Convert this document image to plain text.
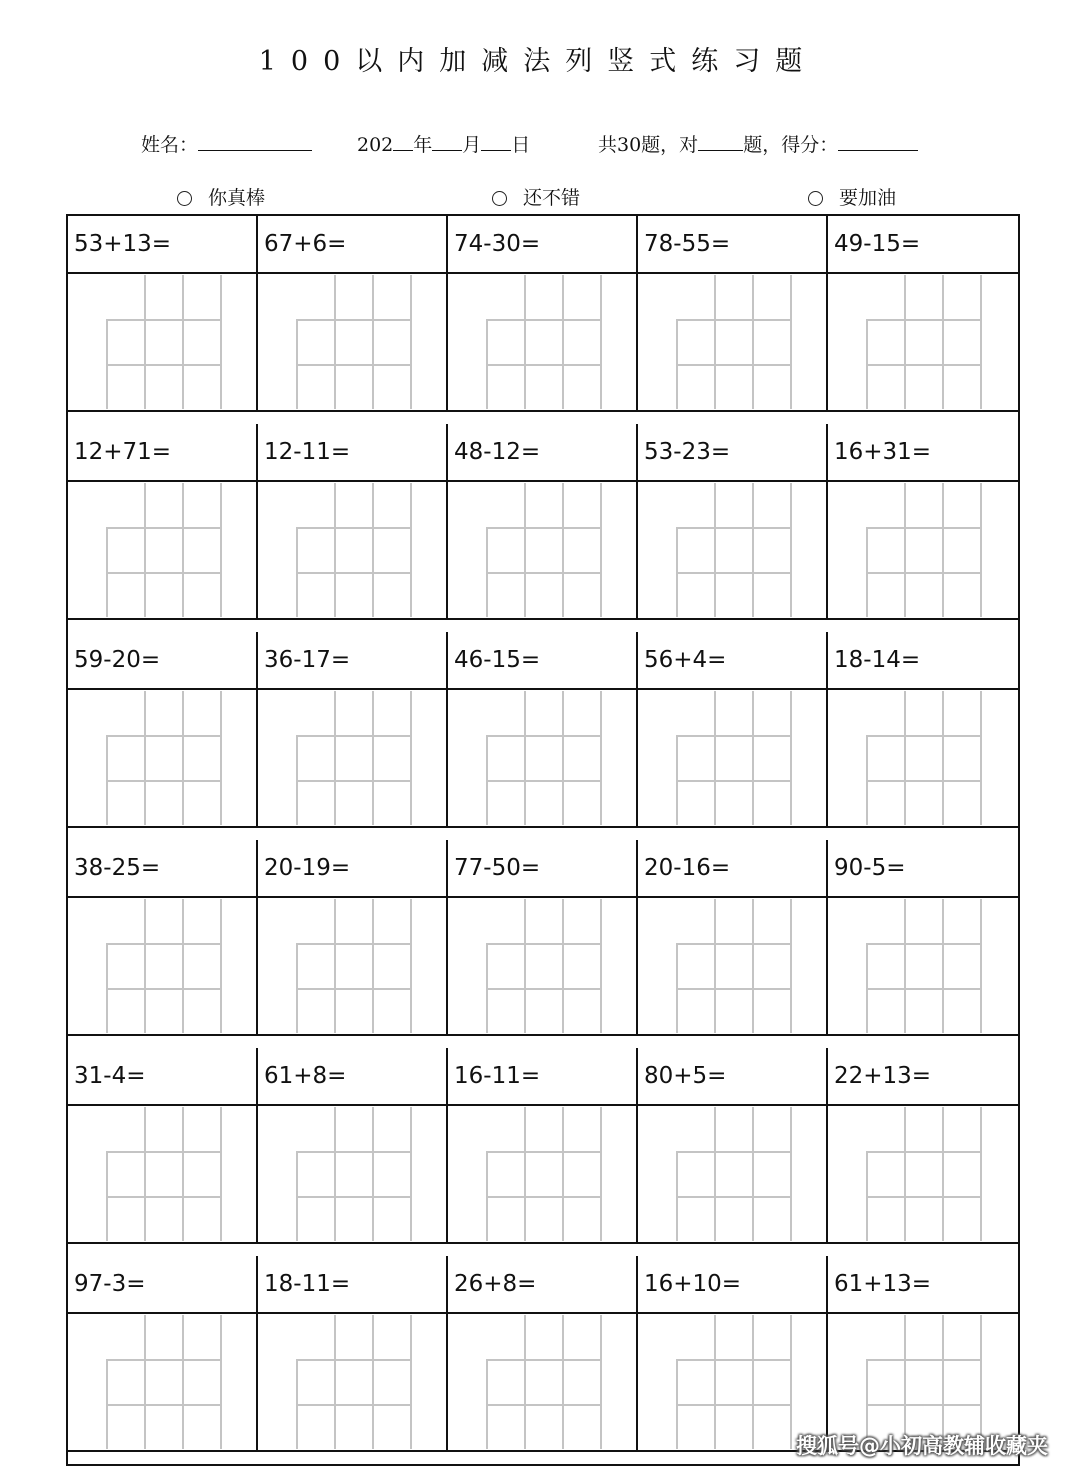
100以内加减法列竖式练习题
姓名：	202 年 月 日	共30题，对 题，得分：
你真棒	还不错	要加油
53+13=	67+6=	74-30=	78-55=	49-15=
12+71=	12-11=	48-12=	53-23=	16+31=
59-20=	36-17=	46-15=	56+4=	18-14=
38-25=	20-19=	77-50=	20-16=	90-5=
31-4=	61+8=	16-11=	80+5=	22+13=
97-3=	18-11=	26+8=	16+10=	61+13=
搜狐号@小初高教辅收藏夹
